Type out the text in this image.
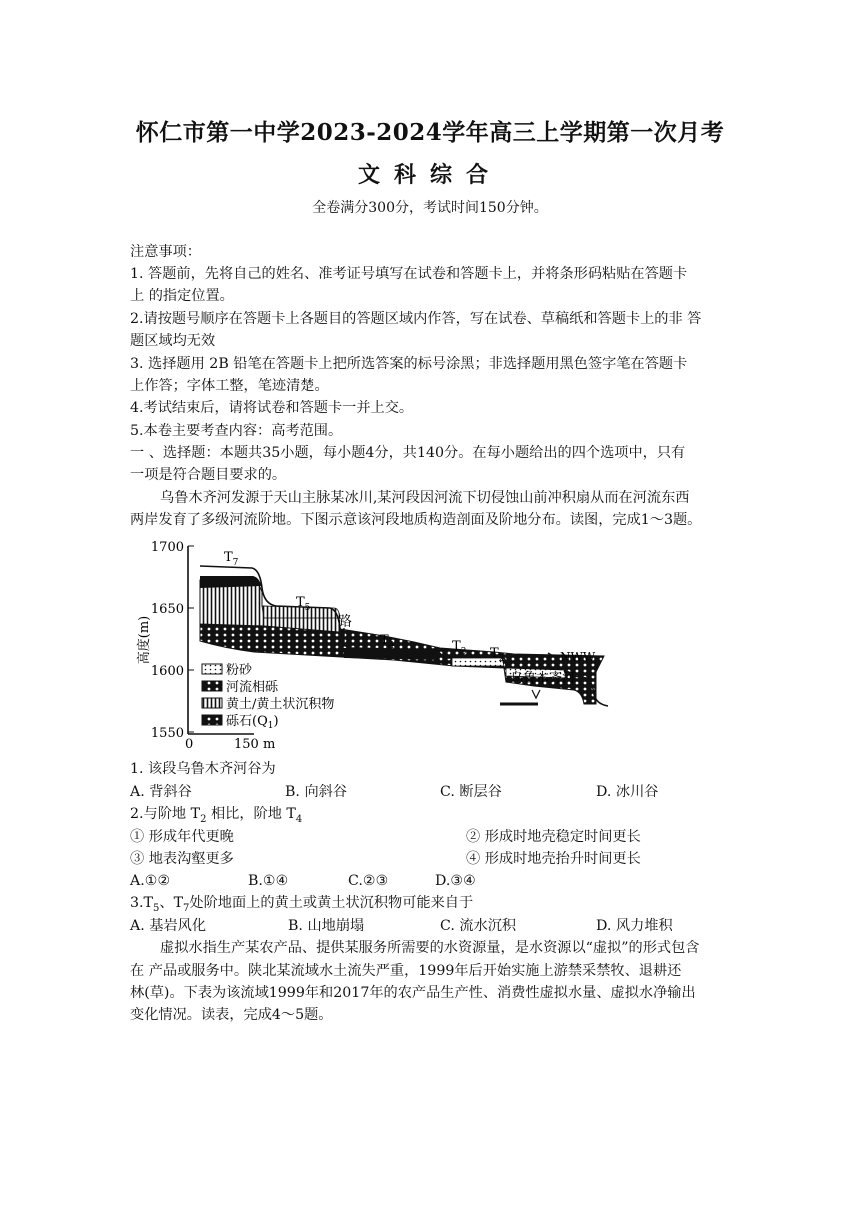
怀仁市第一中学2023-2024学年高三上学期第一次月考
文科综合
全卷满分300分，考试时间150分钟。
注意事项：
1. 答题前，先将自己的姓名、准考证号填写在试卷和答题卡上，并将条形码粘贴在答题卡
上 的指定位置。
2.请按题号顺序在答题卡上各题目的答题区域内作答，写在试卷、草稿纸和答题卡上的非 答
题区域均无效
3. 选择题用 2B 铅笔在答题卡上把所选答案的标号涂黑；非选择题用黑色签字笔在答题卡
上作答；字体工整，笔迹清楚。
4.考试结束后，请将试卷和答题卡一并上交。
5.本卷主要考查内容：高考范围。
一 、选择题：本题共35小题，每小题4分，共140分。在每小题给出的四个选项中，只有
一项是符合题目要求的。
乌鲁木齐河发源于天山主脉某冰川,某河段因河流下切侵蚀山前冲积扇从而在河流东西
两岸发育了多级河流阶地。下图示意该河段地质构造剖面及阶地分布。读图，完成1～3题。
1700
1650
1600
1550
高度(m)
0	150 m
$T_7$
$T_5$
$T_4$	$T_3$ $T_2$
路
NWW
乌鲁木齐河
粉砂
河流相砾
黄土/黄土状沉积物
砾石$(Q_1)$
1. 该段乌鲁木齐河谷为
A. 背斜谷	B. 向斜谷	C. 断层谷	D. 冰川谷
2.与阶地 $T_2$ 相比，阶地 $T_4$
① 形成年代更晚	② 形成时地壳稳定时间更长
③ 地表沟壑更多	④ 形成时地壳抬升时间更长
A.①②	B.①④	C.②③	D.③④
$3.T_5$、$T_7$处阶地面上的黄土或黄土状沉积物可能来自于
A. 基岩风化	B. 山地崩塌	C. 流水沉积	D. 风力堆积
虚拟水指生产某农产品、提供某服务所需要的水资源量，是水资源以“虚拟”的形式包含
在 产品或服务中。陕北某流域水土流失严重，1999年后开始实施上游禁采禁牧、退耕还
林(草)。下表为该流域1999年和2017年的农产品生产性、消费性虚拟水量、虚拟水净输出
变化情况。读表，完成4～5题。
